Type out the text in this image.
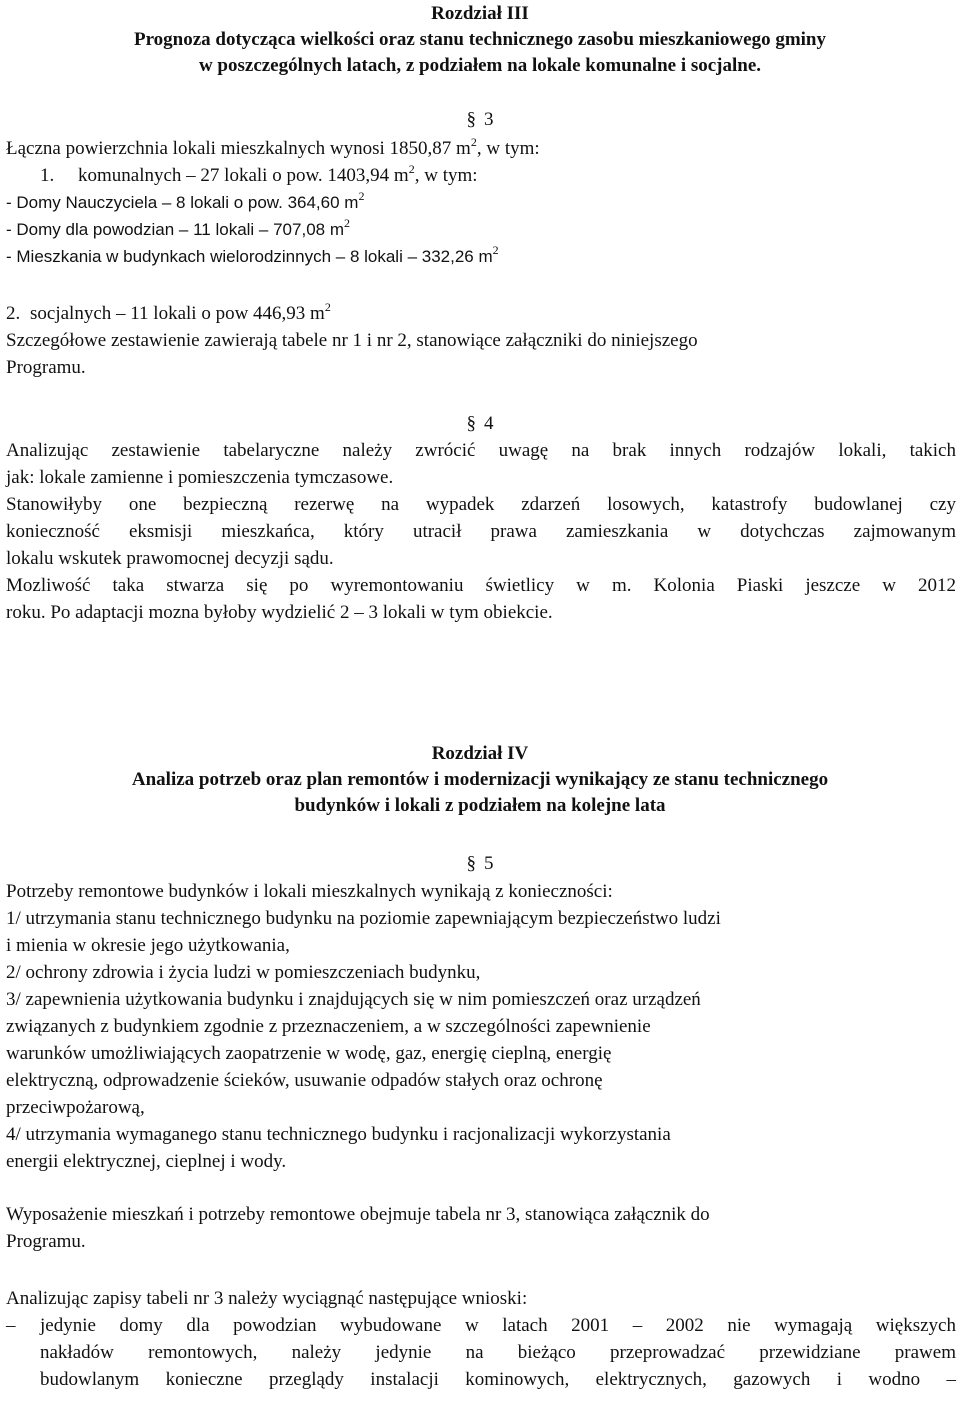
Rozdział III
Prognoza dotycząca wielkości oraz stanu technicznego zasobu mieszkaniowego gminy
w poszczególnych latach, z podziałem na lokale komunalne i socjalne.
§ 3
Łączna powierzchnia lokali mieszkalnych wynosi 1850,87 $m^2$, w tym:
1. komunalnych – 27 lokali o pow. 1403,94 $m^2$, w tym:
- Domy Nauczyciela – 8 lokali o pow. 364,60 $m^2$
- Domy dla powodzian – 11 lokali – 707,08 $m^2$
- Mieszkania w budynkach wielorodzinnych – 8 lokali – 332,26 $m^2$
2. socjalnych – 11 lokali o pow 446,93 $m^2$
Szczegółowe zestawienie zawierają tabele nr 1 i nr 2, stanowiące załączniki do niniejszego
Programu.
§ 4
Analizując zestawienie tabelaryczne należy zwrócić uwagę na brak innych rodzajów lokali, takich
jak: lokale zamienne i pomieszczenia tymczasowe.
Stanowiłyby one bezpieczną rezerwę na wypadek zdarzeń losowych, katastrofy budowlanej czy
konieczność eksmisji mieszkańca, który utracił prawa zamieszkania w dotychczas zajmowanym
lokalu wskutek prawomocnej decyzji sądu.
Mozliwość taka stwarza się po wyremontowaniu świetlicy w m. Kolonia Piaski jeszcze w 2012
roku. Po adaptacji mozna byłoby wydzielić 2 – 3 lokali w tym obiekcie.
Rozdział IV
Analiza potrzeb oraz plan remontów i modernizacji wynikający ze stanu technicznego
budynków i lokali z podziałem na kolejne lata
§ 5
Potrzeby remontowe budynków i lokali mieszkalnych wynikają z konieczności:
1/ utrzymania stanu technicznego budynku na poziomie zapewniającym bezpieczeństwo ludzi
i mienia w okresie jego użytkowania,
2/ ochrony zdrowia i życia ludzi w pomieszczeniach budynku,
3/ zapewnienia użytkowania budynku i znajdujących się w nim pomieszczeń oraz urządzeń
związanych z budynkiem zgodnie z przeznaczeniem, a w szczególności zapewnienie
warunków umożliwiających zaopatrzenie w wodę, gaz, energię cieplną, energię
elektryczną, odprowadzenie ścieków, usuwanie odpadów stałych oraz ochronę
przeciwpożarową,
4/ utrzymania wymaganego stanu technicznego budynku i racjonalizacji wykorzystania
energii elektrycznej, cieplnej i wody.
Wyposażenie mieszkań i potrzeby remontowe obejmuje tabela nr 3, stanowiąca załącznik do
Programu.
Analizując zapisy tabeli nr 3 należy wyciągnąć następujące wnioski:
– jedynie domy dla powodzian wybudowane w latach 2001 – 2002 nie wymagają większych
nakładów remontowych, należy jedynie na bieżąco przeprowadzać przewidziane prawem
budowlanym konieczne przeglądy instalacji kominowych, elektrycznych, gazowych i wodno –
